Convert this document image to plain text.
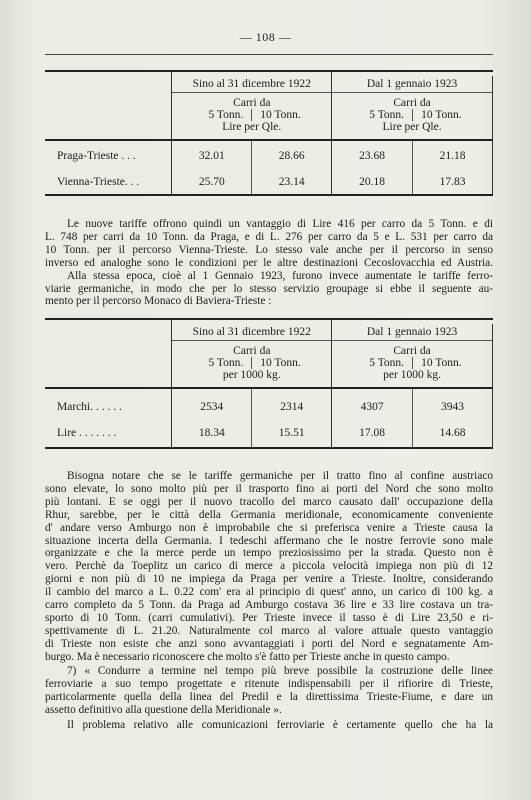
— 108 —

	Sino al 31 dicembre 1922		Dal 1 gennaio 1923	
	Carri da		Carri da	
	5 Tonn.	10 Tonn.	5 Tonn.	10 Tonn.
	Lire per Qle.		Lire per Qle.	

Praga-Trieste . . .	32.01	28.66	23.68	21.18
Vienna-Trieste. . .	25.70	23.14	20.18	17.83

Le nuove tariffe offrono quindi un vantaggio di Lire 416 per carro da 5 Tonn. e di
L. 748 per carri da 10 Tonn. da Praga, e di L. 276 per carro da 5 e L. 531 per carro da
10 Tonn. per il percorso Vienna-Trieste. Lo stesso vale anche per il percorso in senso
inverso ed analoghe sono le condizioni per le altre destinazioni Cecoslovacchia ed Austria.
Alla stessa epoca, cioè al 1 Gennaio 1923, furono invece aumentate le tariffe ferro-
viarie germaniche, in modo che per lo stesso servizio groupage si ebbe il seguente au-
mento per il percorso Monaco di Baviera-Trieste :

	Sino al 31 dicembre 1922		Dal 1 gennaio 1923	
	Carri da		Carri da	
	5 Tonn.	10 Tonn.	5 Tonn.	10 Tonn.
	per 1000 kg.		per 1000 kg.	

Marchi. . . . . .	2534	2314	4307	3943
Lire . . . . . . .	18.34	15.51	17.08	14.68

Bisogna notare che se le tariffe germaniche per il tratto fino al confine austriaco
sono elevate, lo sono molto più per il trasporto fino ai porti del Nord che sono molto
più lontani. E se oggi per il nuovo tracollo del marco causato dall' occupazione della
Rhur, sarebbe, per le città della Germania meridionale, economicamente conveniente
d' andare verso Amburgo non è improbabile che si preferisca venire a Trieste causa la
situazione incerta della Germania. I tedeschi affermano che le nostre ferrovie sono male
organizzate e che la merce perde un tempo preziosissimo per la strada. Questo non è
vero. Perchè da Toeplitz un carico di merce a piccola velocità impiega non più di 12
giorni e non più di 10 ne impiega da Praga per venire a Trieste. Inoltre, considerando
il cambio del marco a L. 0.22 com' era al principio di quest' anno, un carico di 100 kg. a
carro completo da 5 Tonn. da Praga ad Amburgo costava 36 lire e 33 lire costava un tra-
sporto di 10 Tonn. (carri cumulativi). Per Trieste invece il tasso è di Lire 23,50 e ri-
spettivamente di L. 21.20. Naturalmente col marco al valore attuale questo vantaggio
di Trieste non esiste che anzi sono avvantaggiati i porti del Nord e segnatamente Am-
burgo. Ma è necessario riconoscere che molto s'è fatto per Trieste anche in questo campo.
7) « Condurre a termine nel tempo più breve possibile la costruzione delle linee
ferroviarie a suo tempo progettate e ritenute indispensabili per il rifiorire di Trieste,
particolarmente quella della linea del Predil e la direttissima Trieste-Fiume, e dare un
assetto definitivo alla questione della Meridionale ».
Il problema relativo alle comunicazioni ferroviarie è certamente quello che ha la
